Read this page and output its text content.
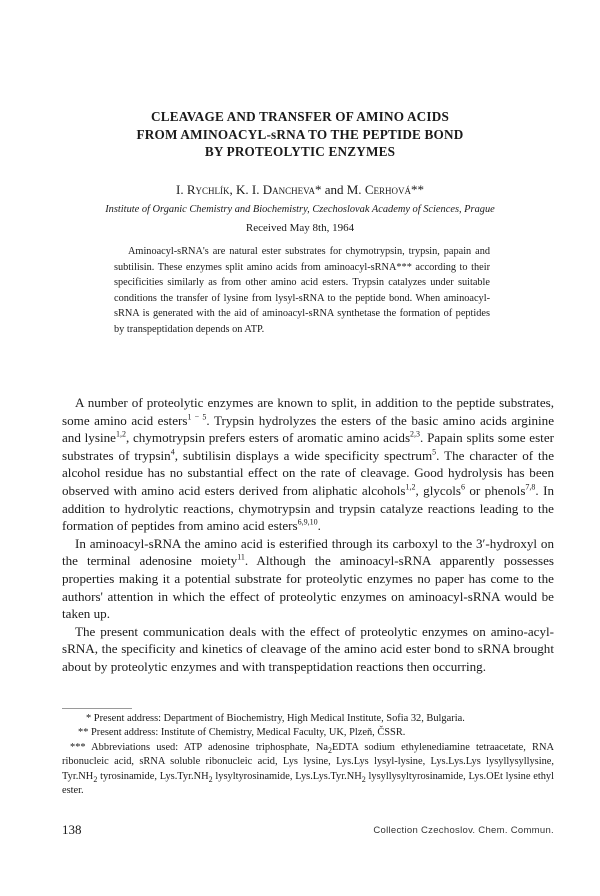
CLEAVAGE AND TRANSFER OF AMINO ACIDS
FROM AMINOACYL-sRNA TO THE PEPTIDE BOND
BY PROTEOLYTIC ENZYMES
I. Rychlík, K. I. Dancheva* and M. Cerhová**
Institute of Organic Chemistry and Biochemistry, Czechoslovak Academy of Sciences, Prague
Received May 8th, 1964

Aminoacyl-sRNA's are natural ester substrates for chymotrypsin, trypsin, papain and subtilisin. These enzymes split amino acids from aminoacyl-sRNA*** according to their specificities similarly as from other amino acid esters. Trypsin catalyzes under suitable conditions the transfer of lysine from lysyl-sRNA to the peptide bond. When aminoacyl-sRNA is generated with the aid of aminoacyl-sRNA synthetase the formation of peptides by transpeptidation depends on ATP.

A number of proteolytic enzymes are known to split, in addition to the peptide substrates, some amino acid esters$^{1 - 5}$. Trypsin hydrolyzes the esters of the basic amino acids arginine and lysine$^{1,2}$, chymotrypsin prefers esters of aromatic amino acids$^{2,3}$. Papain splits some ester substrates of trypsin$^4$, subtilisin displays a wide specificity spectrum$^5$. The character of the alcohol residue has no substantial effect on the rate of cleavage. Good hydrolysis has been observed with amino acid esters derived from aliphatic alcohols$^{1,2}$, glycols$^6$ or phenols$^{7,8}$. In addition to hydrolytic reactions, chymotrypsin and trypsin catalyze reactions leading to the formation of peptides from amino acid esters$^{6,9,10}$.

In aminoacyl-sRNA the amino acid is esterified through its carboxyl to the 3′-hydroxyl on the terminal adenosine moiety$^{11}$. Although the aminoacyl-sRNA apparently possesses properties making it a potential substrate for proteolytic enzymes no paper has come to the authors' attention in which the effect of proteolytic enzymes on aminoacyl-sRNA would be taken up.

The present communication deals with the effect of proteolytic enzymes on amino-acyl-sRNA, the specificity and kinetics of cleavage of the amino acid ester bond to sRNA brought about by proteolytic enzymes and with transpeptidation reactions then occurring.

* Present address: Department of Biochemistry, High Medical Institute, Sofia 32, Bulgaria.

** Present address: Institute of Chemistry, Medical Faculty, UK, Plzeň, ČSSR.

*** Abbreviations used: ATP adenosine triphosphate, $Na_2EDTA$ sodium ethylenediamine tetraacetate, RNA ribonucleic acid, sRNA soluble ribonucleic acid, Lys lysine, Lys.Lys lysyl-lysine, Lys.Lys.Lys lysyllysyllysine, $Tyr.NH_2$ tyrosinamide, $Lys.Tyr.NH_2$ lysyltyrosinamide, $Lys.Lys.Tyr.NH_2$ lysyllysyltyrosinamide, Lys.OEt lysine ethyl ester.

138	Collection Czechoslov. Chem. Commun.
